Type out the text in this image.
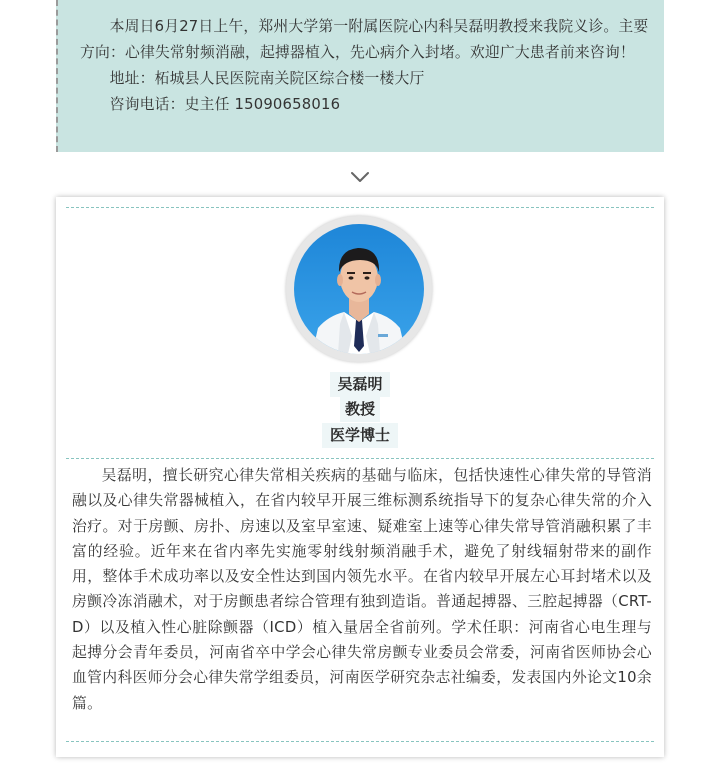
本周日6月27日上午，郑州大学第一附属医院心内科吴磊明教授来我院义诊。主要方向：心律失常射频消融，起搏器植入，先心病介入封堵。欢迎广大患者前来咨询！

地址：柘城县人民医院南关院区综合楼一楼大厅

咨询电话：史主任 15090658016

吴磊明
教授
医学博士

吴磊明，擅长研究心律失常相关疾病的基础与临床，包括快速性心律失常的导管消融以及心律失常器械植入，在省内较早开展三维标测系统指导下的复杂心律失常的介入治疗。对于房颤、房扑、房速以及室早室速、疑难室上速等心律失常导管消融积累了丰富的经验。近年来在省内率先实施零射线射频消融手术，避免了射线辐射带来的副作用，整体手术成功率以及安全性达到国内领先水平。在省内较早开展左心耳封堵术以及房颤冷冻消融术，对于房颤患者综合管理有独到造诣。普通起搏器、三腔起搏器（CRT-D）以及植入性心脏除颤器（ICD）植入量居全省前列。学术任职：河南省心电生理与起搏分会青年委员，河南省卒中学会心律失常房颤专业委员会常委，河南省医师协会心血管内科医师分会心律失常学组委员，河南医学研究杂志社编委，发表国内外论文10余篇。
